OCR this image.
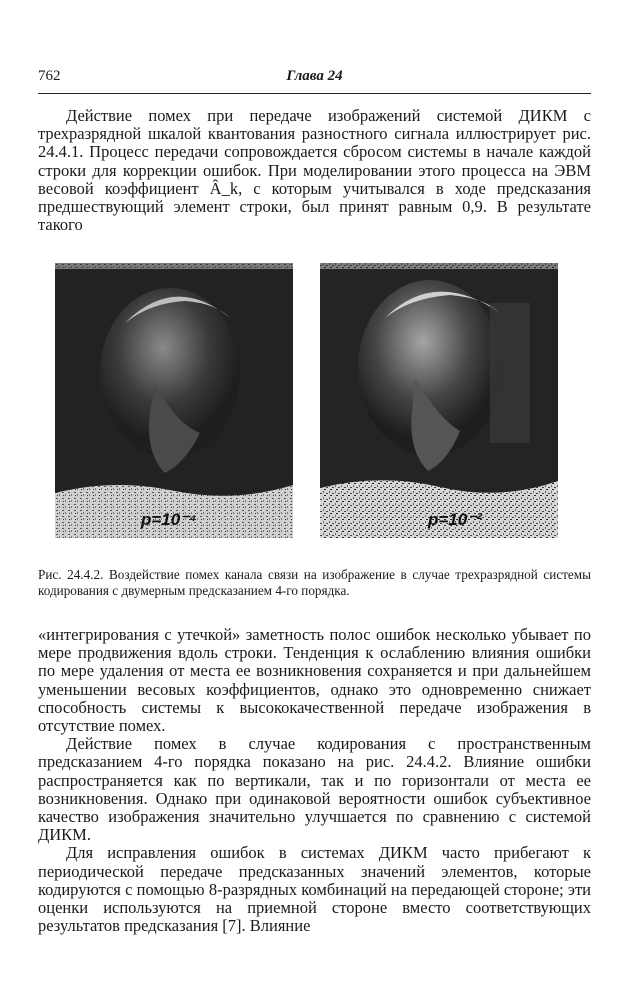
762	Глава 24

Действие помех при передаче изображений системой ДИКМ с трехразрядной шкалой квантования разностного сигнала иллюстрирует рис. 24.4.1. Процесс передачи сопровождается сбросом системы в начале каждой строки для коррекции ошибок. При моделировании этого процесса на ЭВМ весовой коэффициент Â_k, с которым учитывался в ходе предсказания предшествующий элемент строки, был принят равным 0,9. В результате такого

p=10⁻⁴	p=10⁻²

Рис. 24.4.2. Воздействие помех канала связи на изображение в случае трехразрядной системы кодирования с двумерным предсказанием 4-го порядка.

«интегрирования с утечкой» заметность полос ошибок несколько убывает по мере продвижения вдоль строки. Тенденция к ослаблению влияния ошибки по мере удаления от места ее возникновения сохраняется и при дальнейшем уменьшении весовых коэффициентов, однако это одновременно снижает способность системы к высококачественной передаче изображения в отсутствие помех.

Действие помех в случае кодирования с пространственным предсказанием 4-го порядка показано на рис. 24.4.2. Влияние ошибки распространяется как по вертикали, так и по горизонтали от места ее возникновения. Однако при одинаковой вероятности ошибок субъективное качество изображения значительно улучшается по сравнению с системой ДИКМ.

Для исправления ошибок в системах ДИКМ часто прибегают к периодической передаче предсказанных значений элементов, которые кодируются с помощью 8-разрядных комбинаций на передающей стороне; эти оценки используются на приемной стороне вместо соответствующих результатов предсказания [7]. Влияние
